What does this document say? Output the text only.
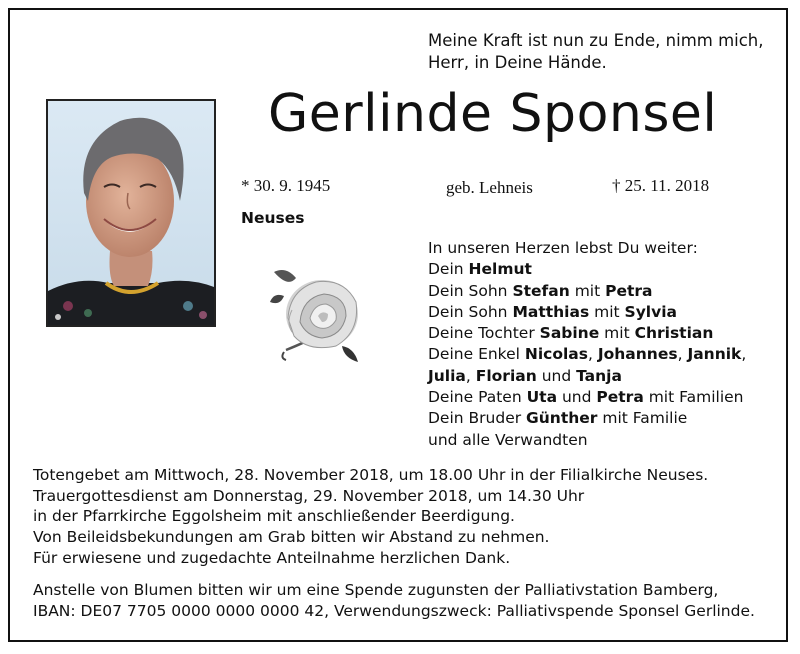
Meine Kraft ist nun zu Ende, nimm mich,
Herr, in Deine Hände.
Gerlinde Sponsel
* 30. 9. 1945	geb. Lehneis	† 25. 11. 2018
Neuses
In unseren Herzen lebst Du weiter:
Dein Helmut
Dein Sohn Stefan mit Petra
Dein Sohn Matthias mit Sylvia
Deine Tochter Sabine mit Christian
Deine Enkel Nicolas, Johannes, Jannik,
Julia, Florian und Tanja
Deine Paten Uta und Petra mit Familien
Dein Bruder Günther mit Familie
und alle Verwandten
Totengebet am Mittwoch, 28. November 2018, um 18.00 Uhr in der Filialkirche Neuses.
Trauergottesdienst am Donnerstag, 29. November 2018, um 14.30 Uhr
in der Pfarrkirche Eggolsheim mit anschließender Beerdigung.
Von Beileidsbekundungen am Grab bitten wir Abstand zu nehmen.
Für erwiesene und zugedachte Anteilnahme herzlichen Dank.
Anstelle von Blumen bitten wir um eine Spende zugunsten der Palliativstation Bamberg,
IBAN: DE07 7705 0000 0000 0000 42, Verwendungszweck: Palliativspende Sponsel Gerlinde.
